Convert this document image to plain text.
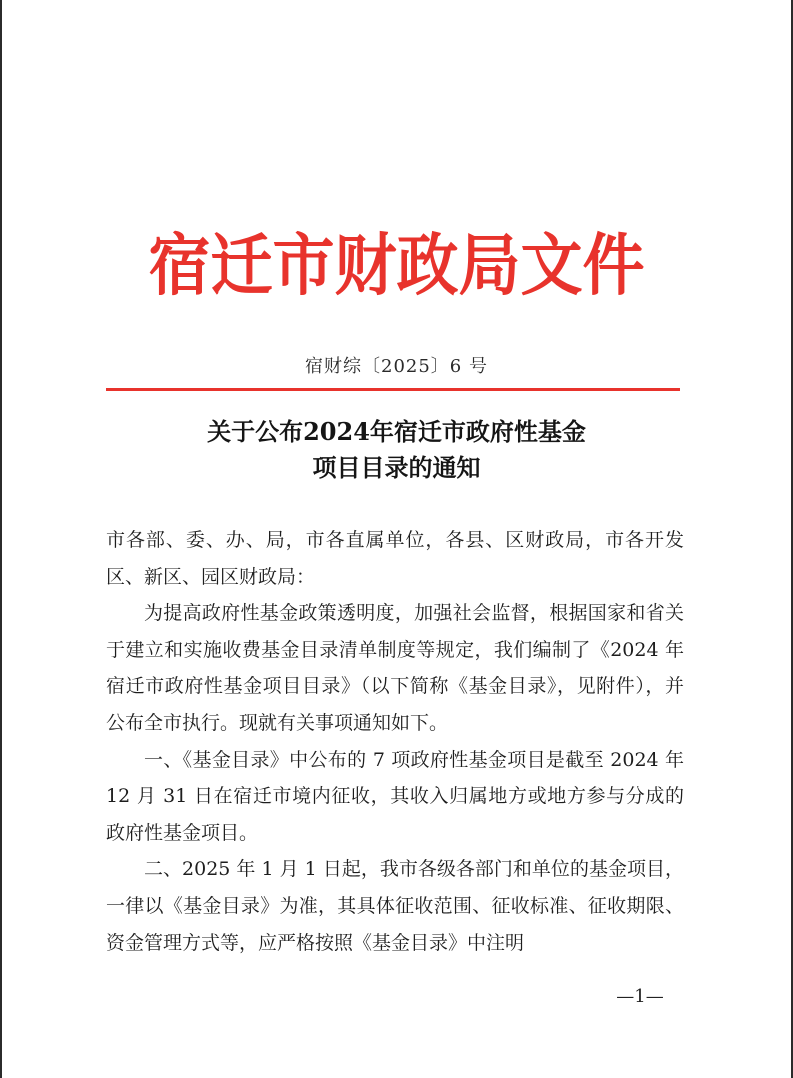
宿迁市财政局文件
宿财综〔2025〕6 号
关于公布2024年宿迁市政府性基金
项目目录的通知

市各部、委、办、局，市各直属单位，各县、区财政局，市各开发区、新区、园区财政局：

为提高政府性基金政策透明度，加强社会监督，根据国家和省关于建立和实施收费基金目录清单制度等规定，我们编制了《2024 年宿迁市政府性基金项目目录》（以下简称《基金目录》，见附件），并公布全市执行。现就有关事项通知如下。

一、《基金目录》中公布的 7 项政府性基金项目是截至 2024 年 12 月 31 日在宿迁市境内征收，其收入归属地方或地方参与分成的政府性基金项目。

二、2025 年 1 月 1 日起，我市各级各部门和单位的基金项目，一律以《基金目录》为准，其具体征收范围、征收标准、征收期限、资金管理方式等，应严格按照《基金目录》中注明

—1—
